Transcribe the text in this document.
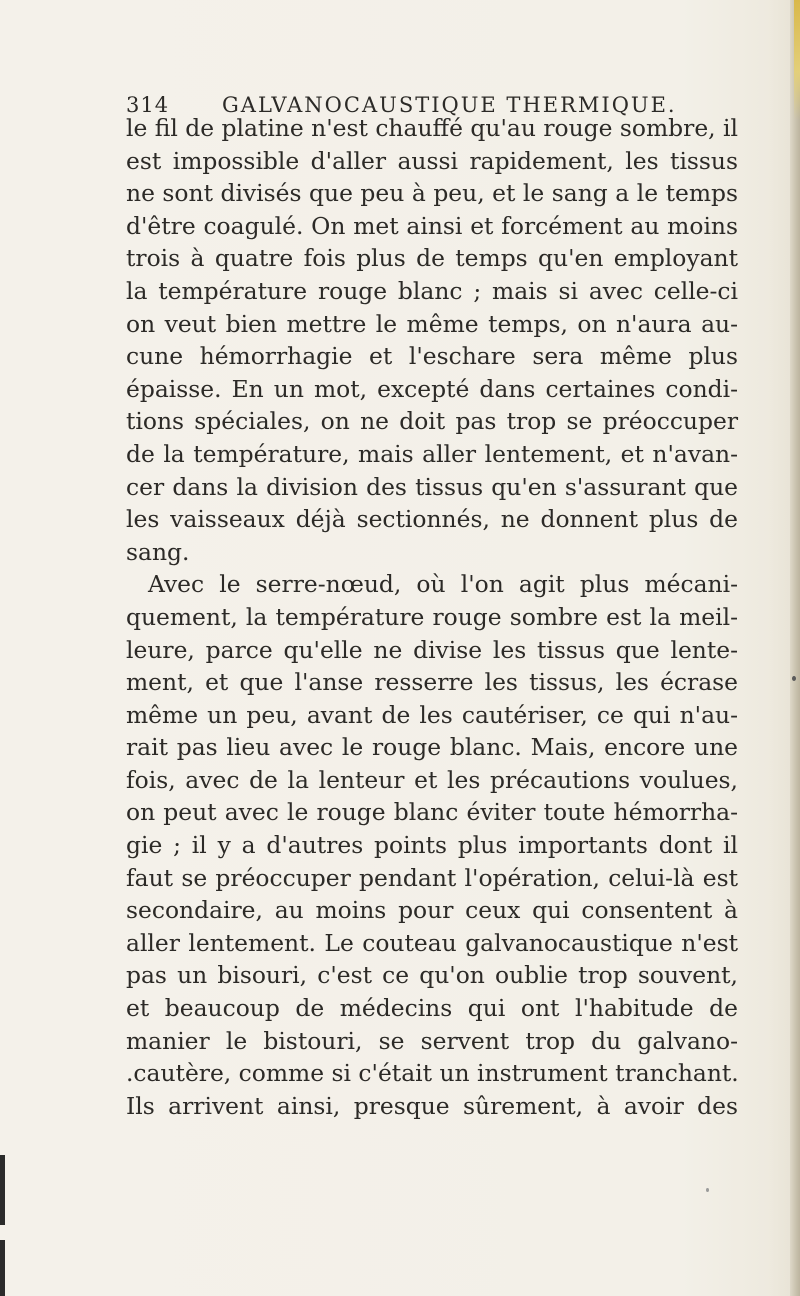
314	GALVANOCAUSTIQUE THERMIQUE.
le fil de platine n'est chauffé qu'au rouge sombre, il
est impossible d'aller aussi rapidement, les tissus
ne sont divisés que peu à peu, et le sang a le temps
d'être coagulé. On met ainsi et forcément au moins
trois à quatre fois plus de temps qu'en employant
la température rouge blanc ; mais si avec celle-ci
on veut bien mettre le même temps, on n'aura au-
cune hémorrhagie et l'eschare sera même plus
épaisse. En un mot, excepté dans certaines condi-
tions spéciales, on ne doit pas trop se préoccuper
de la température, mais aller lentement, et n'avan-
cer dans la division des tissus qu'en s'assurant que
les vaisseaux déjà sectionnés, ne donnent plus de
sang.
Avec le serre-nœud, où l'on agit plus mécani-
quement, la température rouge sombre est la meil-
leure, parce qu'elle ne divise les tissus que lente-
ment, et que l'anse resserre les tissus, les écrase
même un peu, avant de les cautériser, ce qui n'au-
rait pas lieu avec le rouge blanc. Mais, encore une
fois, avec de la lenteur et les précautions voulues,
on peut avec le rouge blanc éviter toute hémorrha-
gie ; il y a d'autres points plus importants dont il
faut se préoccuper pendant l'opération, celui-là est
secondaire, au moins pour ceux qui consentent à
aller lentement. Le couteau galvanocaustique n'est
pas un bisouri, c'est ce qu'on oublie trop souvent,
et beaucoup de médecins qui ont l'habitude de
manier le bistouri, se servent trop du galvano-
.cautère, comme si c'était un instrument tranchant.
Ils arrivent ainsi, presque sûrement, à avoir des
